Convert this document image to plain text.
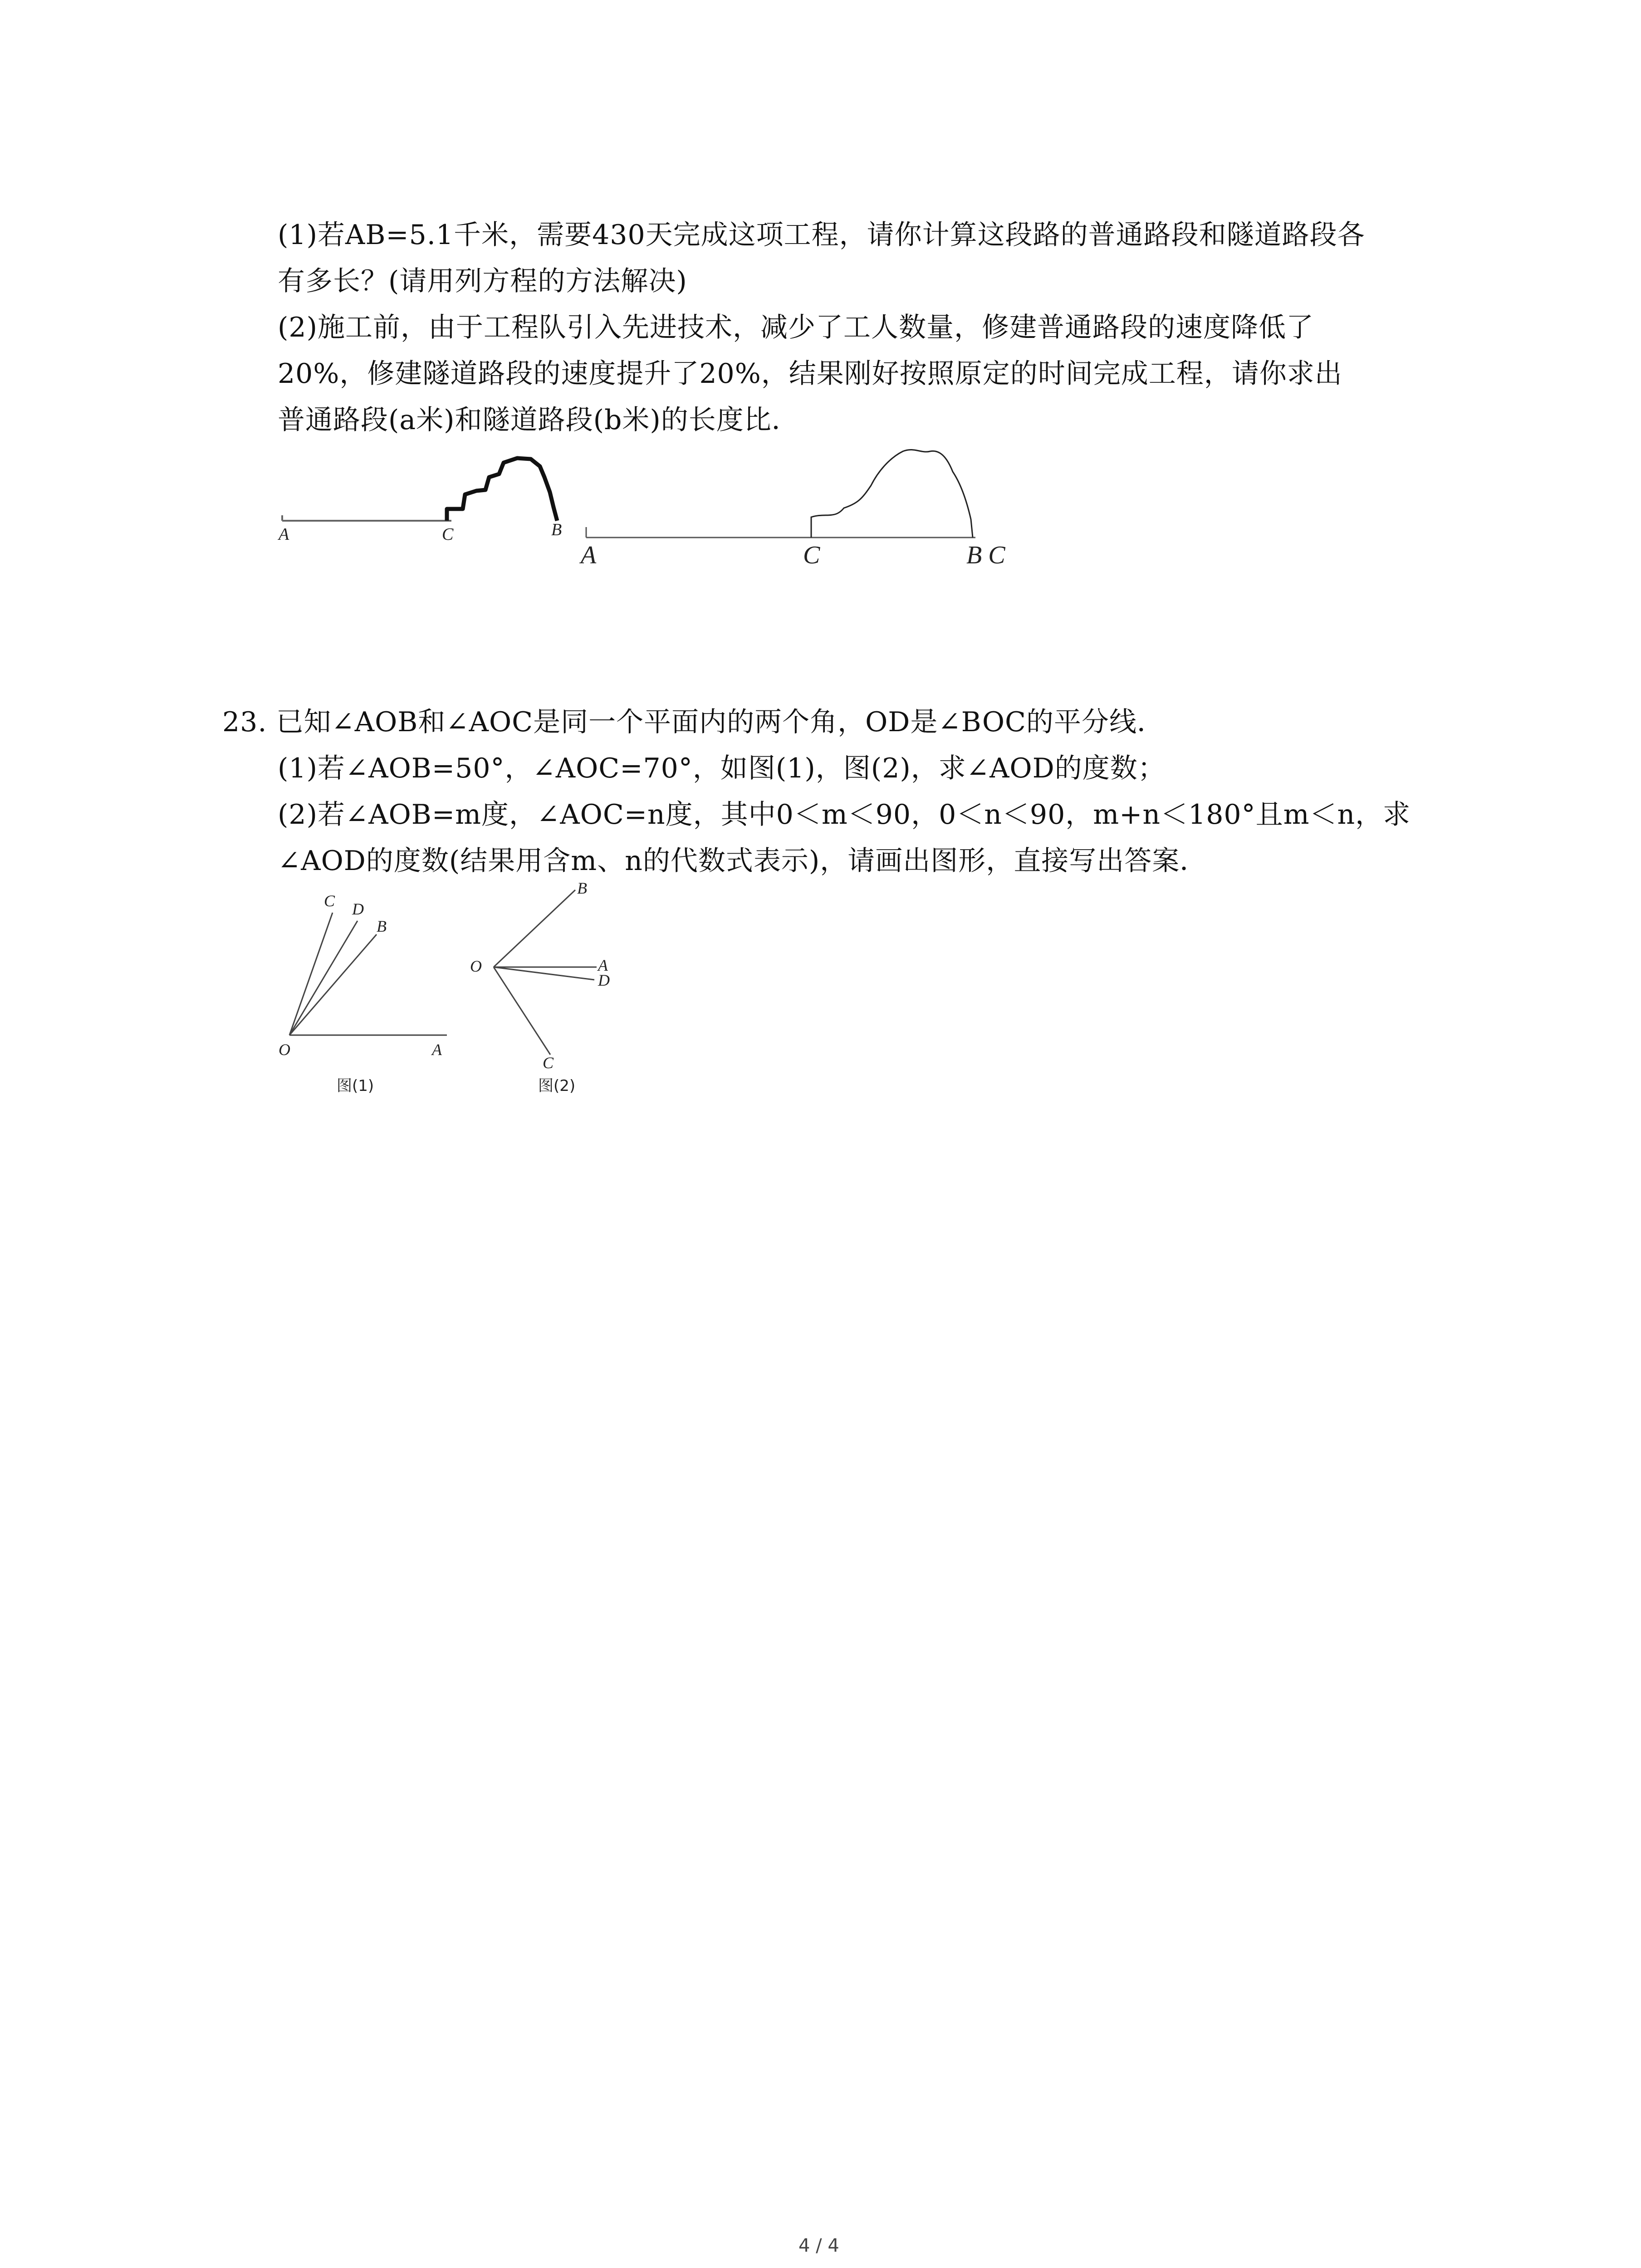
(1)若AB=5.1千米，需要430天完成这项工程，请你计算这段路的普通路段和隧道路段各
有多长？(请用列方程的方法解决)
(2)施工前，由于工程队引入先进技术，减少了工人数量，修建普通路段的速度降低了
20%，修建隧道路段的速度提升了20%，结果刚好按照原定的时间完成工程，请你求出
普通路段(a米)和隧道路段(b米)的长度比．
A	C	B
A	C	B C
23. 已知∠AOB和∠AOC是同一个平面内的两个角，OD是∠BOC的平分线．
(1)若∠AOB=50°，∠AOC=70°，如图(1)，图(2)，求∠AOD的度数；
(2)若∠AOB=m度，∠AOC=n度，其中0＜m＜90，0＜n＜90，m+n＜180°且m＜n，求
∠AOD的度数(结果用含m、n的代数式表示)，请画出图形，直接写出答案．
C D
B
O	A
图(1)
B
O	A
D
C
图(2)
4 / 4
